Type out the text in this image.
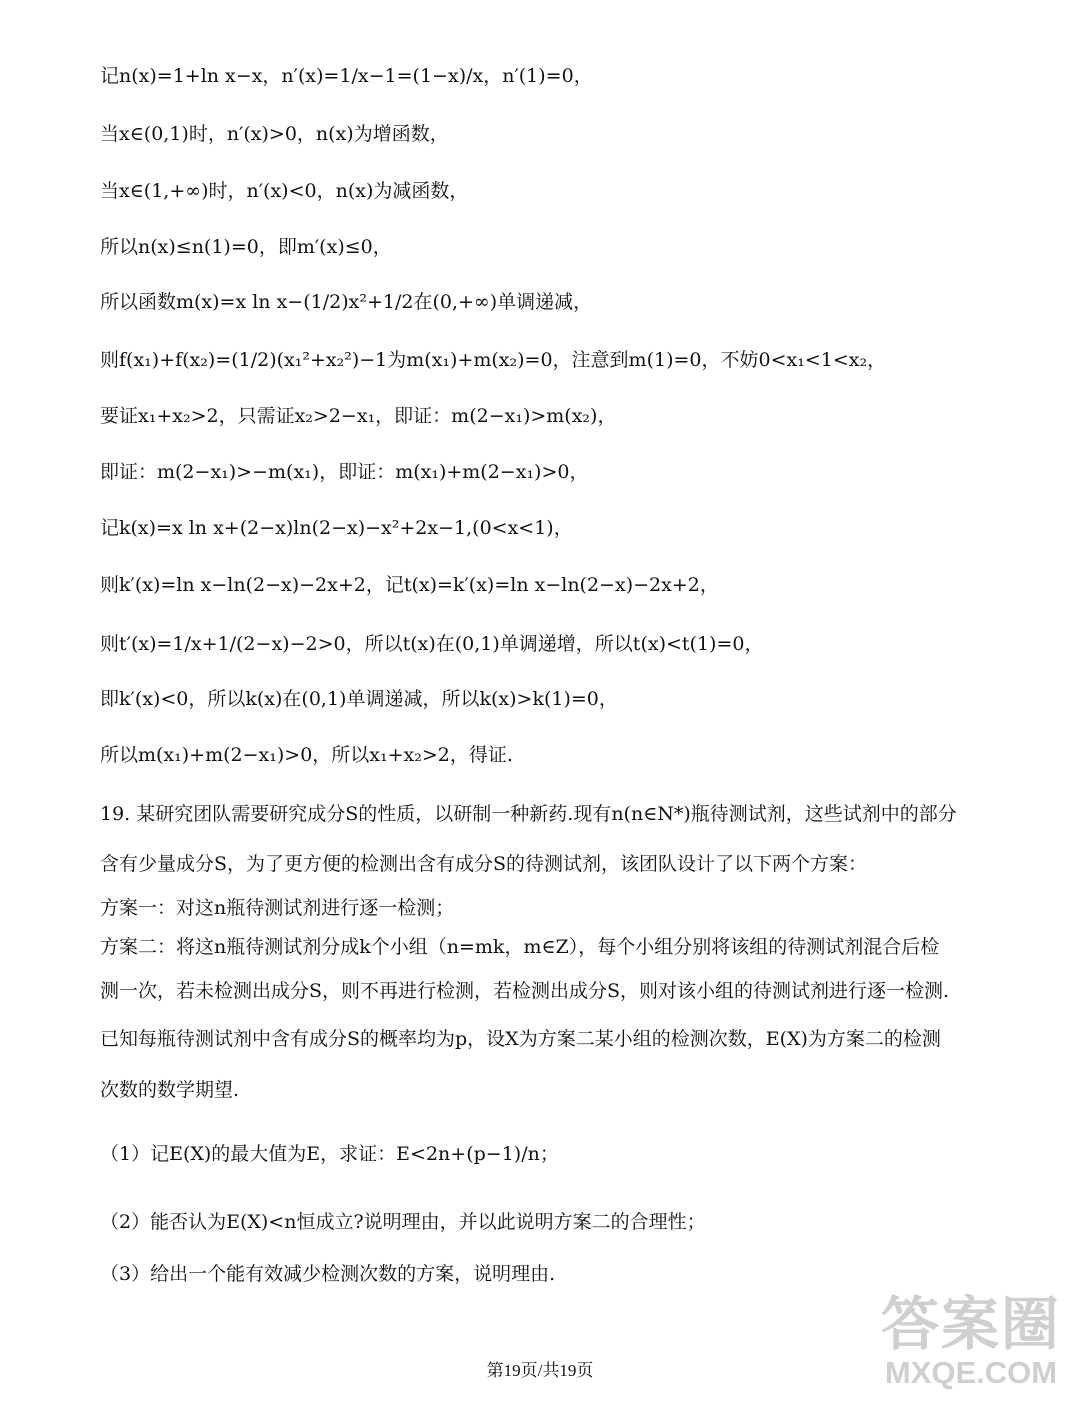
记n(x)=1+ln x−x，n′(x)=1/x−1=(1−x)/x，n′(1)=0，
当x∈(0,1)时，n′(x)>0，n(x)为增函数，
当x∈(1,+∞)时，n′(x)<0，n(x)为减函数，
所以n(x)≤n(1)=0，即m′(x)≤0，
所以函数m(x)=x ln x−(1/2)x²+1/2在(0,+∞)单调递减，
则f(x₁)+f(x₂)=(1/2)(x₁²+x₂²)−1为m(x₁)+m(x₂)=0，注意到m(1)=0，不妨0<x₁<1<x₂，
要证x₁+x₂>2，只需证x₂>2−x₁，即证：m(2−x₁)>m(x₂)，
即证：m(2−x₁)>−m(x₁)，即证：m(x₁)+m(2−x₁)>0，
记k(x)=x ln x+(2−x)ln(2−x)−x²+2x−1,(0<x<1)，
则k′(x)=ln x−ln(2−x)−2x+2，记t(x)=k′(x)=ln x−ln(2−x)−2x+2，
则t′(x)=1/x+1/(2−x)−2>0，所以t(x)在(0,1)单调递增，所以t(x)<t(1)=0，
即k′(x)<0，所以k(x)在(0,1)单调递减，所以k(x)>k(1)=0，
所以m(x₁)+m(2−x₁)>0，所以x₁+x₂>2，得证.
19. 某研究团队需要研究成分S的性质，以研制一种新药.现有n(n∈N*)瓶待测试剂，这些试剂中的部分
含有少量成分S，为了更方便的检测出含有成分S的待测试剂，该团队设计了以下两个方案：
方案一：对这n瓶待测试剂进行逐一检测；
方案二：将这n瓶待测试剂分成k个小组（n=mk，m∈Z），每个小组分别将该组的待测试剂混合后检
测一次，若未检测出成分S，则不再进行检测，若检测出成分S，则对该小组的待测试剂进行逐一检测.
已知每瓶待测试剂中含有成分S的概率均为p，设X为方案二某小组的检测次数，E(X)为方案二的检测
次数的数学期望.
（1）记E(X)的最大值为E，求证：E<2n+(p−1)/n；
（2）能否认为E(X)<n恒成立?说明理由，并以此说明方案二的合理性；
（3）给出一个能有效减少检测次数的方案，说明理由.
第19页/共19页
答案圈
MXQE.COM
